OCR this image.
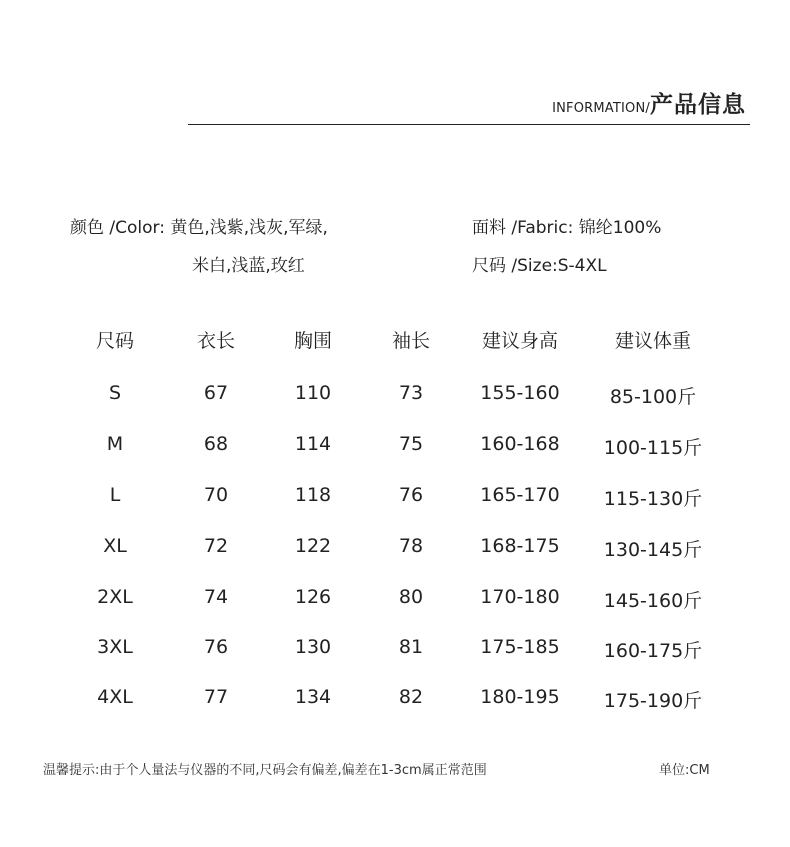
INFORMATION/ 产品信息
颜色 /Color: 黄色,浅紫,浅灰,军绿,
米白,浅蓝,玫红
面料 /Fabric: 锦纶100%
尺码 /Size:S-4XL
尺码	衣长	胸围	袖长	建议身高	建议体重
S	67	110	73	155-160	85-100斤
M	68	114	75	160-168	100-115斤
L	70	118	76	165-170	115-130斤
XL	72	122	78	168-175	130-145斤
2XL	74	126	80	170-180	145-160斤
3XL	76	130	81	175-185	160-175斤
4XL	77	134	82	180-195	175-190斤
温馨提示:由于个人量法与仪器的不同,尺码会有偏差,偏差在1-3cm属正常范围	单位:CM
